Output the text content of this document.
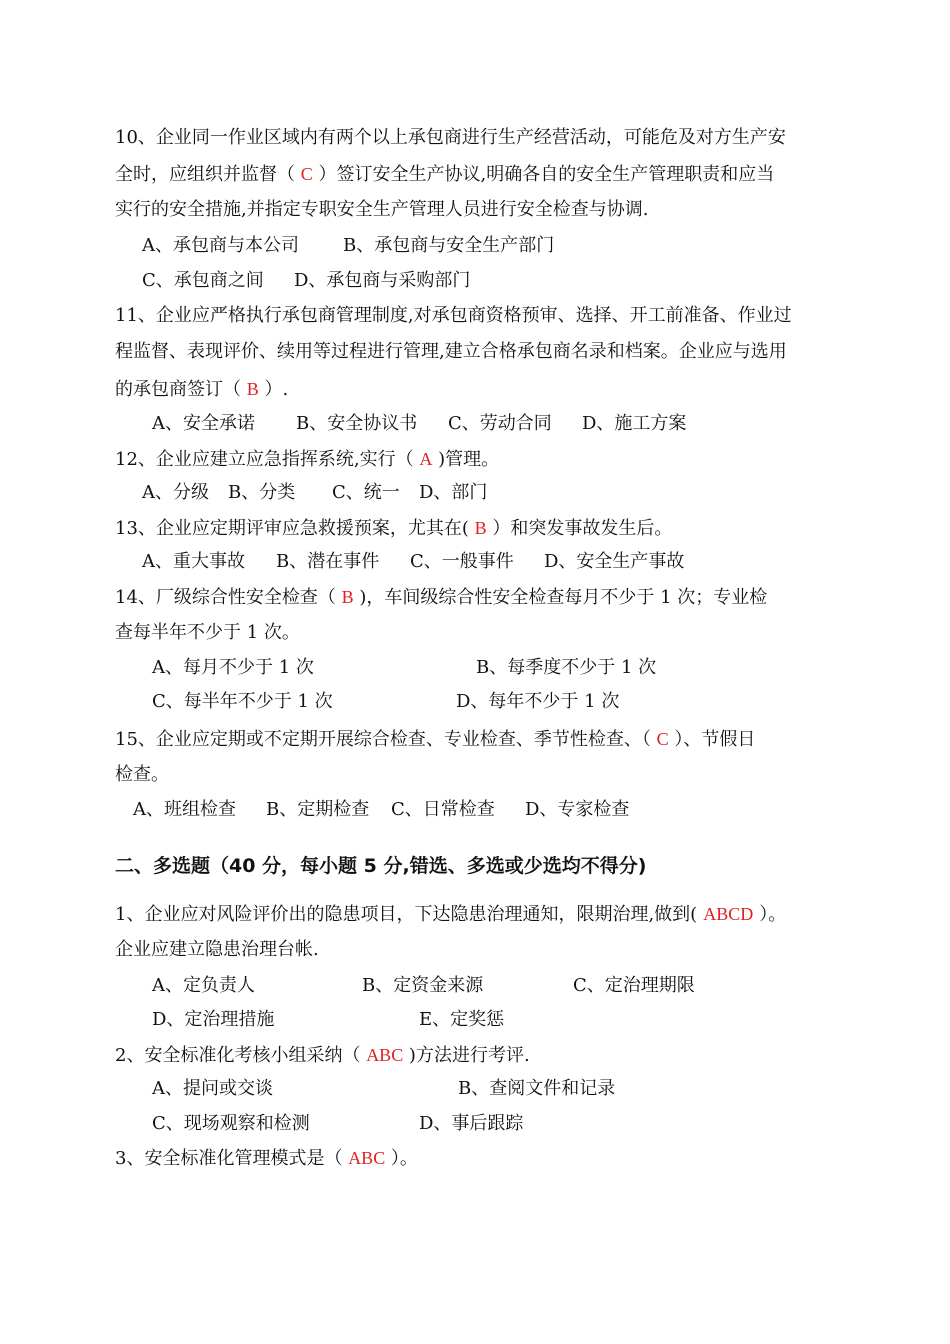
10、企业同一作业区域内有两个以上承包商进行生产经营活动，可能危及对方生产安
全时，应组织并监督（ C ）签订安全生产协议,明确各自的安全生产管理职责和应当
实行的安全措施,并指定专职安全生产管理人员进行安全检查与协调.
A、承包商与本公司 B、承包商与安全生产部门
C、承包商之间 D、承包商与采购部门
11、企业应严格执行承包商管理制度,对承包商资格预审、选择、开工前准备、作业过
程监督、表现评价、续用等过程进行管理,建立合格承包商名录和档案。企业应与选用
的承包商签订（ B ）.
A、安全承诺 B、安全协议书 C、劳动合同 D、施工方案
12、企业应建立应急指挥系统,实行（ A )管理。
A、分级 B、分类 C、统一 D、部门
13、企业应定期评审应急救援预案，尤其在( B ）和突发事故发生后。
A、重大事故 B、潜在事件 C、一般事件 D、安全生产事故
14、厂级综合性安全检查（ B )，车间级综合性安全检查每月不少于 1 次；专业检
查每半年不少于 1 次。
A、每月不少于 1 次	B、每季度不少于 1 次
C、每半年不少于 1 次	D、每年不少于 1 次
15、企业应定期或不定期开展综合检查、专业检查、季节性检查、（ C ）、节假日
检查。
A、班组检查 B、定期检查 C、日常检查 D、专家检查
二、多选题（40 分，每小题 5 分,错选、多选或少选均不得分)
1、企业应对风险评价出的隐患项目，下达隐患治理通知，限期治理,做到( ABCD ）。
企业应建立隐患治理台帐.
A、定负责人	B、定资金来源	C、定治理期限
D、定治理措施	E、定奖惩
2、安全标准化考核小组采纳（ ABC )方法进行考评.
A、提问或交谈	B、查阅文件和记录
C、现场观察和检测	D、事后跟踪
3、安全标准化管理模式是（ ABC ）。
